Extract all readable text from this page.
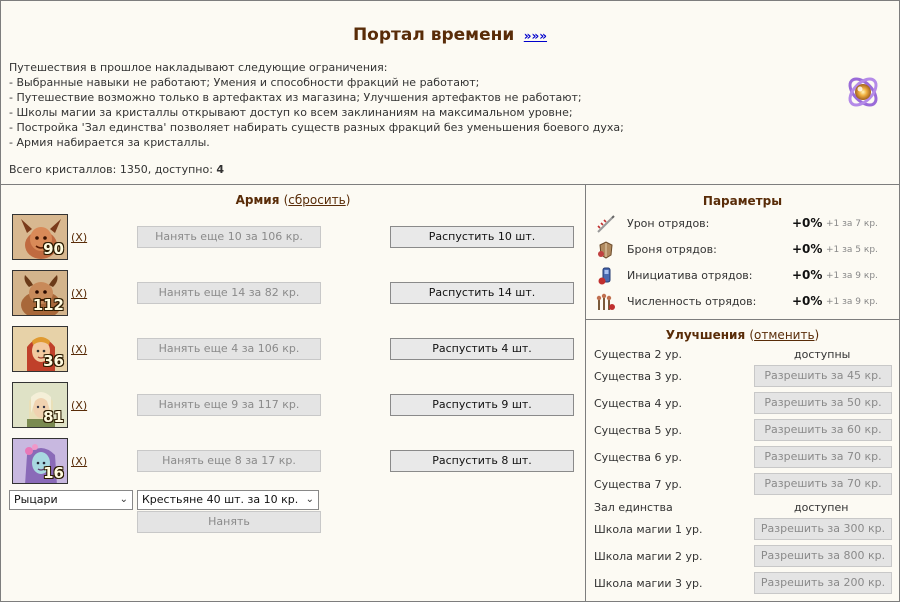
Портал времени »»»
Путешествия в прошлое накладывают следующие ограничения:
- Выбранные навыки не работают; Умения и способности фракций не работают;
- Путешествие возможно только в артефактах из магазина; Улучшения артефактов не работают;
- Школы магии за кристаллы открывают доступ ко всем заклинаниям на максимальном уровне;
- Постройка 'Зал единства' позволяет набирать существ разных фракций без уменьшения боевого духа;
- Армия набирается за кристаллы.
Всего кристаллов: 1350, доступно: 4
Армия (сбросить)
90
(X)	Нанять еще 10 за 106 кр.	Распустить 10 шт.
112
(X)	Нанять еще 14 за 82 кр.	Распустить 14 шт.
36
(X)	Нанять еще 4 за 106 кр.	Распустить 4 шт.
81
(X)	Нанять еще 9 за 117 кр.	Распустить 9 шт.
16
(X)	Нанять еще 8 за 17 кр.	Распустить 8 шт.
Рыцари	⌄	Крестьяне 40 шт. за 10 кр. ⌄
Нанять
Параметры
Урон отрядов:	+0% +1 за 7 кр.
Броня отрядов:	+0% +1 за 5 кр.
Инициатива отрядов:	+0% +1 за 9 кр.
Численность отрядов:	+0% +1 за 9 кр.
Улучшения (отменить)
Существа 2 ур.	доступны
Существа 3 ур.	Разрешить за 45 кр.
Существа 4 ур.	Разрешить за 50 кр.
Существа 5 ур.	Разрешить за 60 кр.
Существа 6 ур.	Разрешить за 70 кр.
Существа 7 ур.	Разрешить за 70 кр.
Зал единства	доступен
Школа магии 1 ур.	Разрешить за 300 кр.
Школа магии 2 ур.	Разрешить за 800 кр.
Школа магии 3 ур.	Разрешить за 200 кр.
